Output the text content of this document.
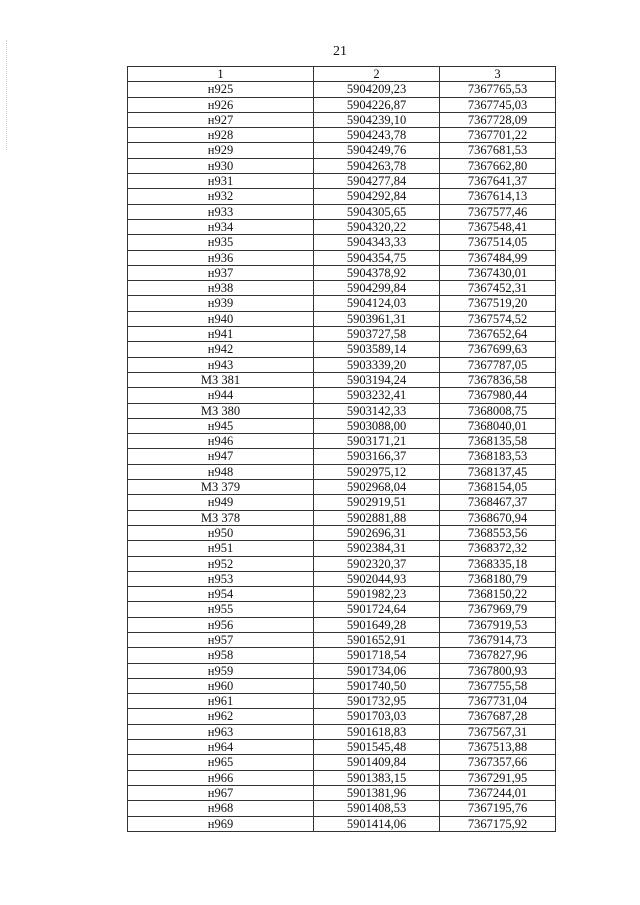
21
1	2	3
н925	5904209,23	7367765,53
н926	5904226,87	7367745,03
н927	5904239,10	7367728,09
н928	5904243,78	7367701,22
н929	5904249,76	7367681,53
н930	5904263,78	7367662,80
н931	5904277,84	7367641,37
н932	5904292,84	7367614,13
н933	5904305,65	7367577,46
н934	5904320,22	7367548,41
н935	5904343,33	7367514,05
н936	5904354,75	7367484,99
н937	5904378,92	7367430,01
н938	5904299,84	7367452,31
н939	5904124,03	7367519,20
н940	5903961,31	7367574,52
н941	5903727,58	7367652,64
н942	5903589,14	7367699,63
н943	5903339,20	7367787,05
МЗ 381	5903194,24	7367836,58
н944	5903232,41	7367980,44
МЗ 380	5903142,33	7368008,75
н945	5903088,00	7368040,01
н946	5903171,21	7368135,58
н947	5903166,37	7368183,53
н948	5902975,12	7368137,45
МЗ 379	5902968,04	7368154,05
н949	5902919,51	7368467,37
МЗ 378	5902881,88	7368670,94
н950	5902696,31	7368553,56
н951	5902384,31	7368372,32
н952	5902320,37	7368335,18
н953	5902044,93	7368180,79
н954	5901982,23	7368150,22
н955	5901724,64	7367969,79
н956	5901649,28	7367919,53
н957	5901652,91	7367914,73
н958	5901718,54	7367827,96
н959	5901734,06	7367800,93
н960	5901740,50	7367755,58
н961	5901732,95	7367731,04
н962	5901703,03	7367687,28
н963	5901618,83	7367567,31
н964	5901545,48	7367513,88
н965	5901409,84	7367357,66
н966	5901383,15	7367291,95
н967	5901381,96	7367244,01
н968	5901408,53	7367195,76
н969	5901414,06	7367175,92
